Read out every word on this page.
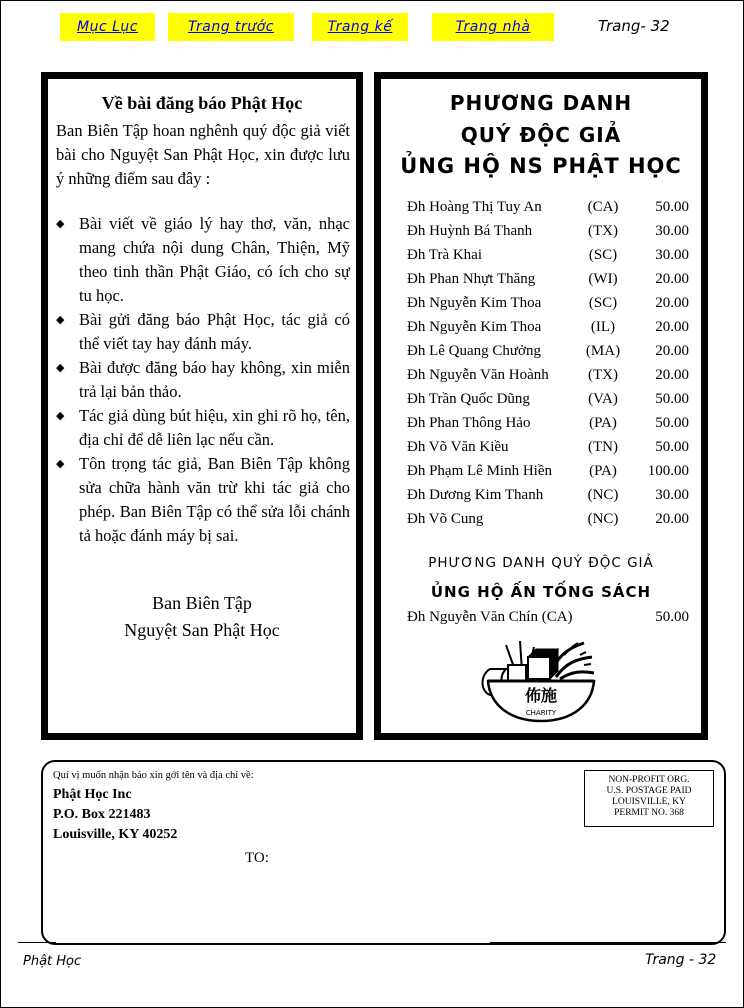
Mục Lục	Trang trước	Trang kế	Trang nhà	Trang- 32
Về bài đăng báo Phật Học
Ban Biên Tập hoan nghênh quý độc giả viết bài cho Nguyệt San Phật Học, xin được lưu ý những điểm sau đây :
◆ Bài viết về giáo lý hay thơ, văn, nhạc mang chứa nội dung Chân, Thiện, Mỹ theo tinh thần Phật Giáo, có ích cho sự tu học.
◆ Bài gửi đăng báo Phật Học, tác giả có thể viết tay hay đánh máy.
◆ Bài được đăng báo hay không, xin miễn trả lại bản thảo.
◆ Tác giả dùng bút hiệu, xin ghi rõ họ, tên, địa chỉ để dễ liên lạc nếu cần.
◆ Tôn trọng tác giả, Ban Biên Tập không sửa chữa hành văn trừ khi tác giả cho phép. Ban Biên Tập có thể sửa lỗi chánh tả hoặc đánh máy bị sai.
Ban Biên Tập
Nguyệt San Phật Học
PHƯƠNG DANH
QUÝ ĐỘC GIẢ
ỦNG HỘ NS PHẬT HỌC
Đh Hoàng Thị Tuy An	(CA)	50.00
Đh Huỳnh Bá Thanh	(TX)	30.00
Đh Trà Khai	(SC)	30.00
Đh Phan Nhựt Thăng	(WI)	20.00
Đh Nguyễn Kim Thoa	(SC)	20.00
Đh Nguyễn Kim Thoa	(IL)	20.00
Đh Lê Quang Chưởng	(MA)	20.00
Đh Nguyễn Văn Hoành	(TX)	20.00
Đh Trần Quốc Dũng	(VA)	50.00
Đh Phan Thông Hảo	(PA)	50.00
Đh Võ Văn Kiều	(TN)	50.00
Đh Phạm Lê Minh Hiền (PA)	100.00
Đh Dương Kim Thanh	(NC)	30.00
Đh Võ Cung	(NC)	20.00
PHƯƠNG DANH QUÝ ĐỘC GIẢ
ỦNG HỘ ẤN TỐNG SÁCH
Đh Nguyễn Văn Chín (CA)	50.00
佈施
CHARITY
Quí vị muốn nhận báo xin gởi tên và địa chỉ về:
Phật Học Inc
P.O. Box 221483
Louisville, KY 40252
TO:
NON-PROFIT ORG.
U.S. POSTAGE PAID
LOUISVILLE, KY
PERMIT NO. 368
Phật Học	Trang - 32
